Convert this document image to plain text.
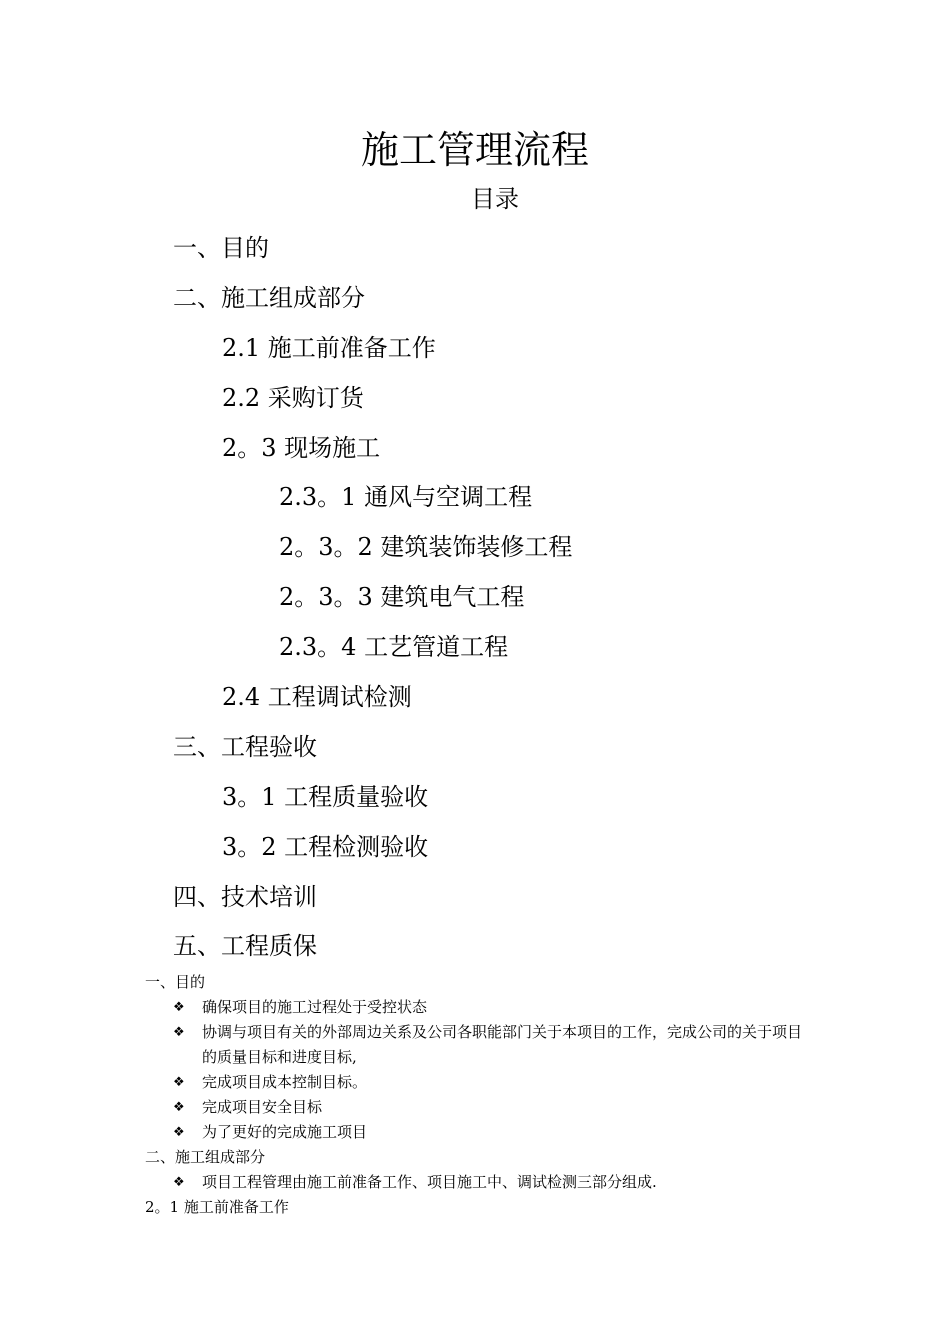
施工管理流程
目录
一、目的
二、施工组成部分
2.1 施工前准备工作
2.2 采购订货
2。3 现场施工
2.3。1 通风与空调工程
2。3。2 建筑装饰装修工程
2。3。3 建筑电气工程
2.3。4 工艺管道工程
2.4 工程调试检测
三、工程验收
3。1 工程质量验收
3。2 工程检测验收
四、技术培训
五、工程质保
一、目的
❖ 确保项目的施工过程处于受控状态
❖ 协调与项目有关的外部周边关系及公司各职能部门关于本项目的工作，完成公司的关于项目的质量目标和进度目标,
❖ 完成项目成本控制目标。
❖ 完成项目安全目标
❖ 为了更好的完成施工项目
二、施工组成部分
❖ 项目工程管理由施工前准备工作、项目施工中、调试检测三部分组成.
2。1 施工前准备工作
